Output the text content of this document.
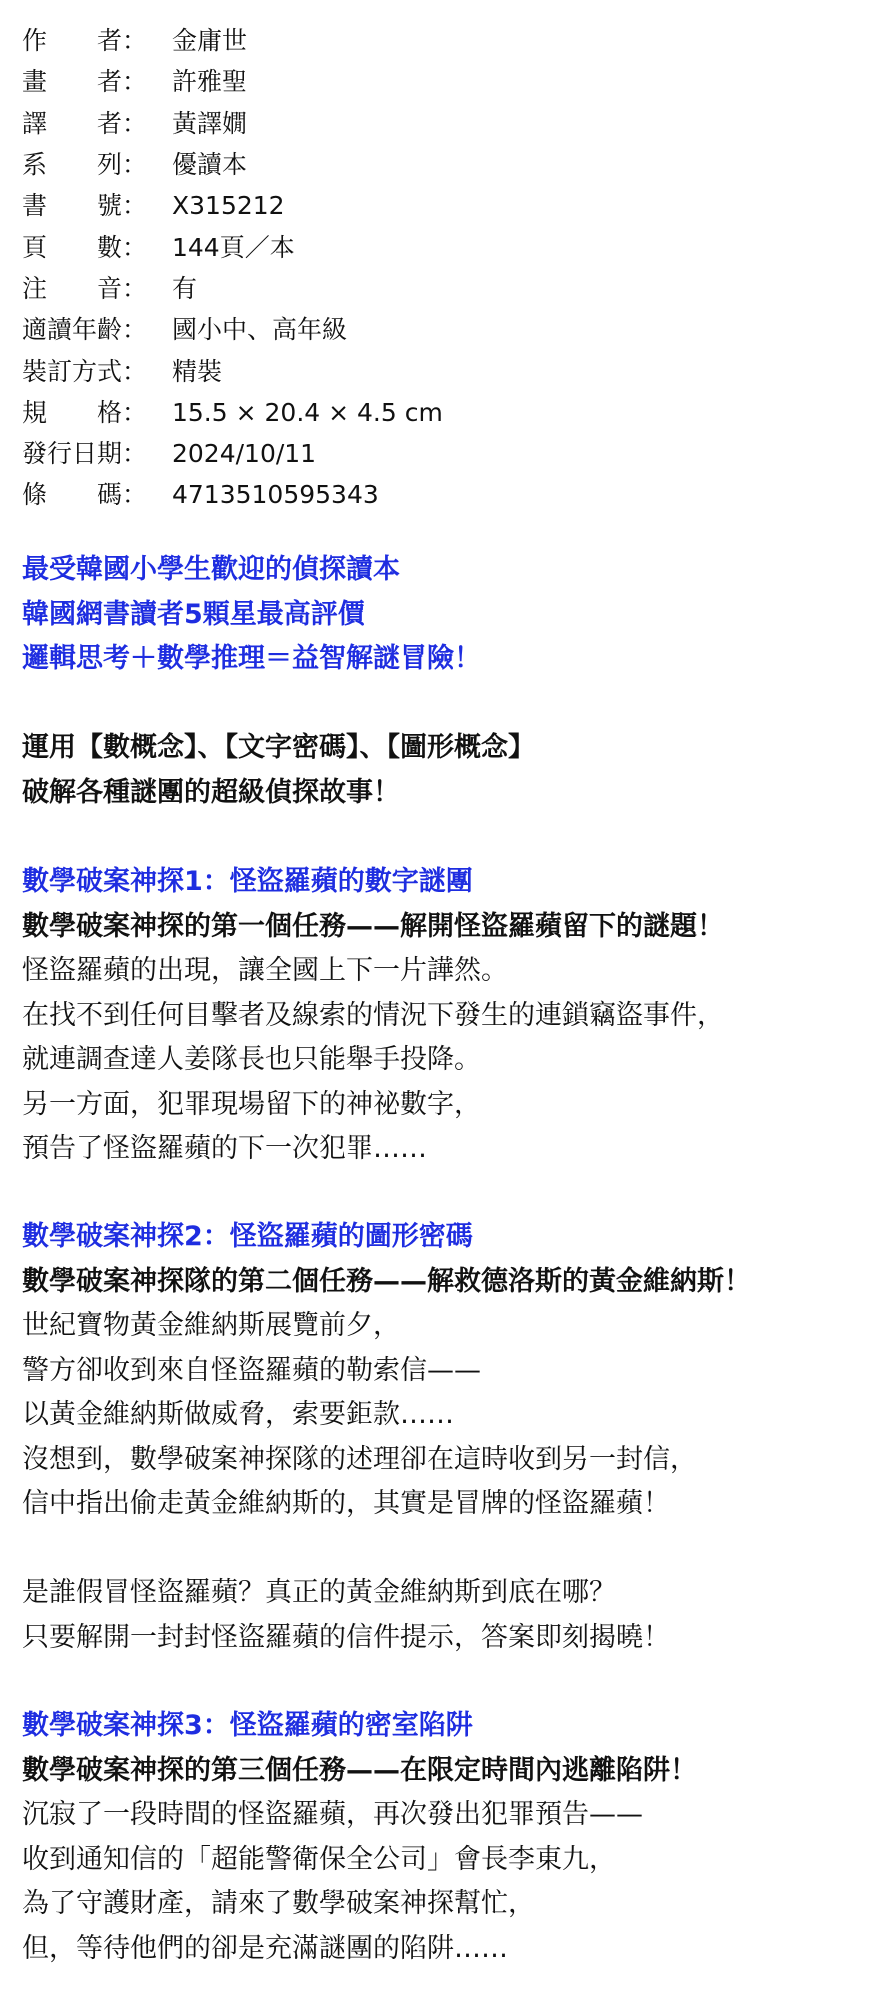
作　　者： 金庸世
畫　　者： 許雅聖
譯　　者： 黃譯嫺
系　　列： 優讀本
書　　號： X315212
頁　　數： 144頁／本
注　　音： 有
適讀年齡： 國小中、高年級
裝訂方式： 精裝
規　　格： 15.5 × 20.4 × 4.5 cm
發行日期： 2024/10/11
條　　碼： 4713510595343
最受韓國小學生歡迎的偵探讀本
韓國網書讀者5顆星最高評價
邏輯思考＋數學推理＝益智解謎冒險！
運用【數概念】、【文字密碼】、【圖形概念】
破解各種謎團的超級偵探故事！
數學破案神探1：怪盜羅蘋的數字謎團
數學破案神探的第一個任務——解開怪盜羅蘋留下的謎題！
怪盜羅蘋的出現，讓全國上下一片譁然。
在找不到任何目擊者及線索的情況下發生的連鎖竊盜事件，
就連調查達人姜隊長也只能舉手投降。
另一方面，犯罪現場留下的神祕數字，
預告了怪盜羅蘋的下一次犯罪……
數學破案神探2：怪盜羅蘋的圖形密碼
數學破案神探隊的第二個任務——解救德洛斯的黃金維納斯！
世紀寶物黃金維納斯展覽前夕，
警方卻收到來自怪盜羅蘋的勒索信——
以黃金維納斯做威脅，索要鉅款……
沒想到，數學破案神探隊的述理卻在這時收到另一封信，
信中指出偷走黃金維納斯的，其實是冒牌的怪盜羅蘋！
是誰假冒怪盜羅蘋？真正的黃金維納斯到底在哪？
只要解開一封封怪盜羅蘋的信件提示，答案即刻揭曉！
數學破案神探3：怪盜羅蘋的密室陷阱
數學破案神探的第三個任務——在限定時間內逃離陷阱！
沉寂了一段時間的怪盜羅蘋，再次發出犯罪預告——
收到通知信的「超能警衛保全公司」會長李東九，
為了守護財產，請來了數學破案神探幫忙，
但，等待他們的卻是充滿謎團的陷阱……
